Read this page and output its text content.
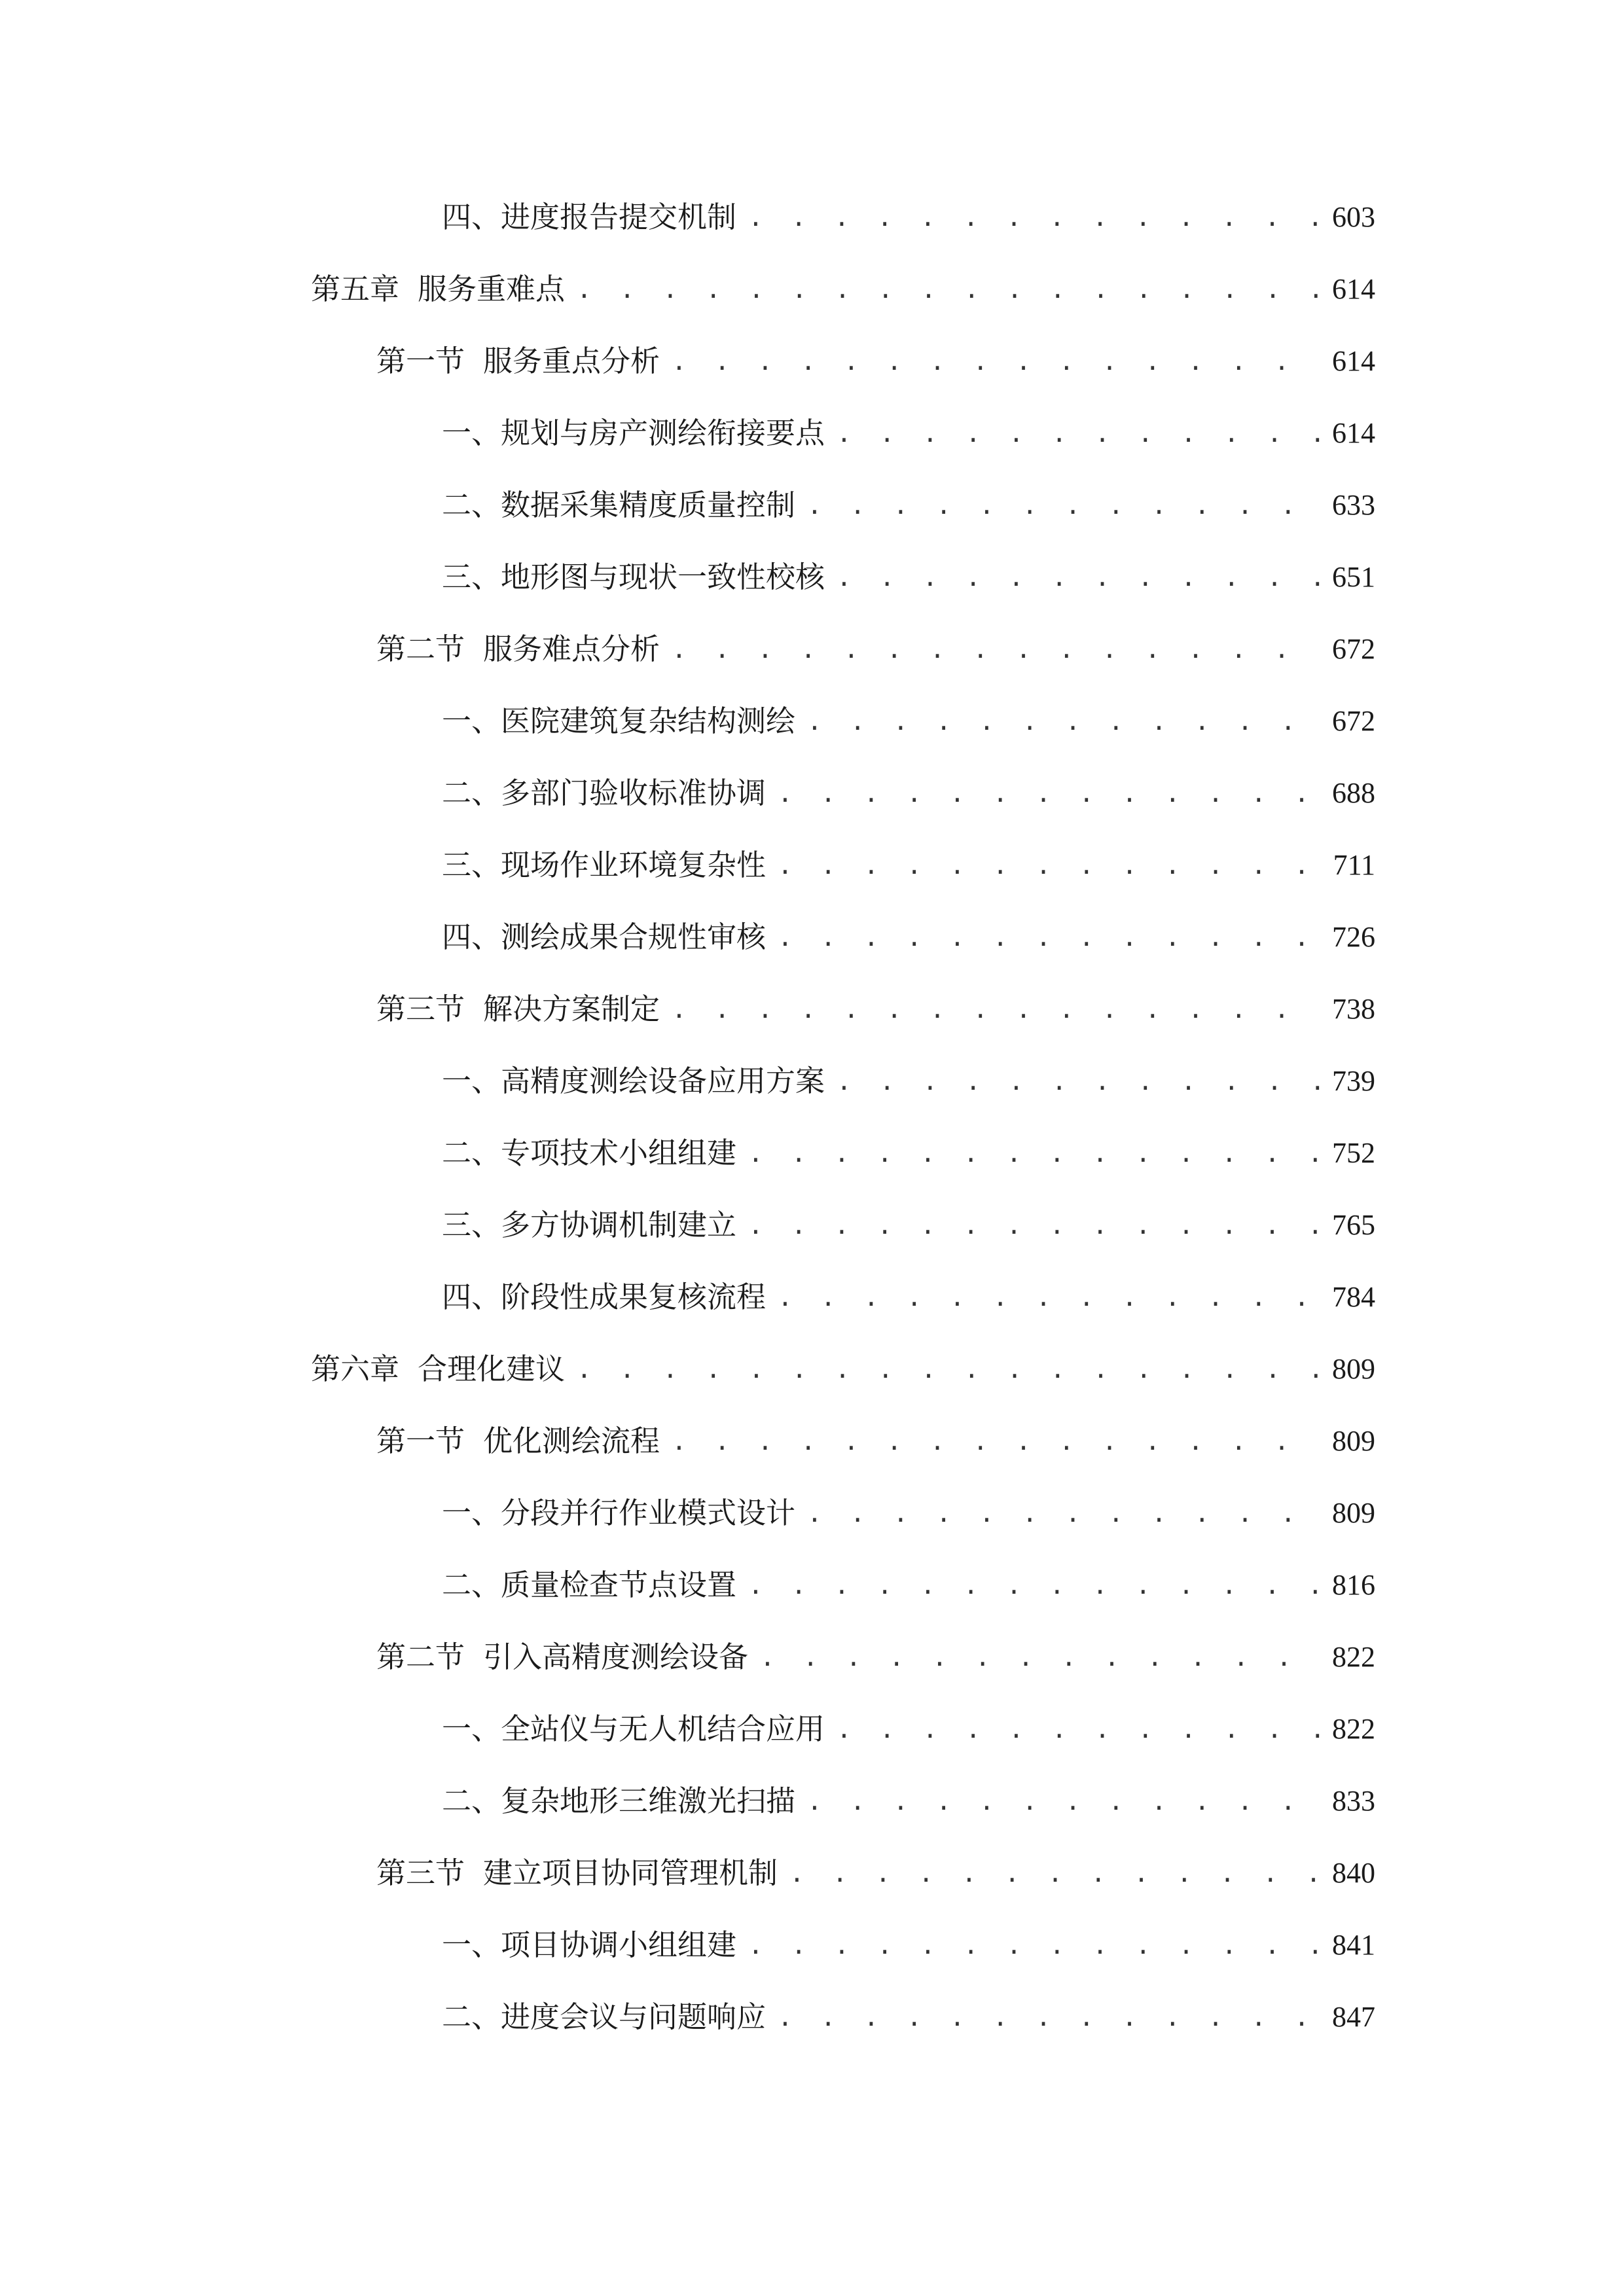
四、 进度报告提交机制 . . .	603
第五章 服务重难点 . . .	614
第一节 服务重点分析 . . .	614
一、 规划与房产测绘衔接要点 . . .	614
二、 数据采集精度质量控制 . . .	633
三、 地形图与现状一致性校核 . . .	651
第二节 服务难点分析 . . .	672
一、 医院建筑复杂结构测绘 . . .	672
二、 多部门验收标准协调 . . .	688
三、 现场作业环境复杂性 . . .	711
四、 测绘成果合规性审核 . . .	726
第三节 解决方案制定 . . .	738
一、 高精度测绘设备应用方案 . . .	739
二、 专项技术小组组建 . . .	752
三、 多方协调机制建立 . . .	765
四、 阶段性成果复核流程 . . .	784
第六章 合理化建议 . . .	809
第一节 优化测绘流程 . . .	809
一、 分段并行作业模式设计 . . .	809
二、 质量检查节点设置 . . .	816
第二节 引入高精度测绘设备 . . .	822
一、 全站仪与无人机结合应用 . . .	822
二、 复杂地形三维激光扫描 . . .	833
第三节 建立项目协同管理机制 . . .	840
一、 项目协调小组组建 . . .	841
二、 进度会议与问题响应 . . .	847
